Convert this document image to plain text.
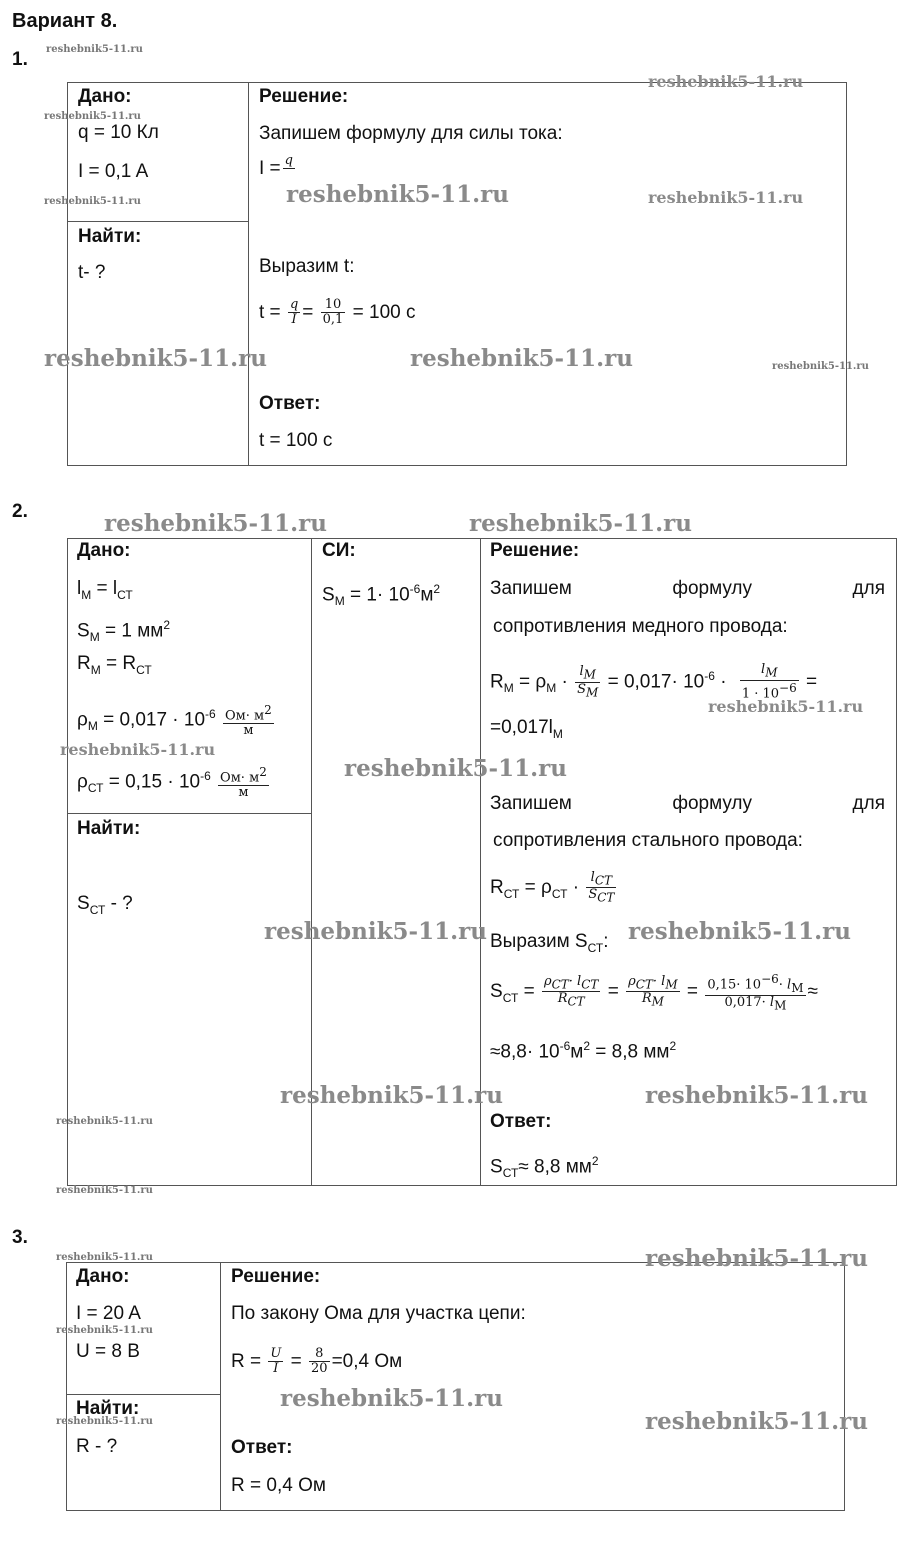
Вариант 8.
1.
Дано:
q = 10 Кл
I = 0,1 A
Найти:
t- ?
Решение:
Запишем формулу для силы тока:
I = q
Выразим t:
$t = \frac{q}{I} = \frac{10}{0,1} = 100$ с
Ответ:
t = 100 с
2.
Дано:
$l_М = l_{СТ}$
$S_М = 1$ $мм^2$
$R_М = R_{СТ}$
$\rho_М = 0,017 \cdot 10^{-6} \frac{Ом\cdot м^2}{м}$
$\rho_{СТ} = 0,15 \cdot 10^{-6} \frac{Ом\cdot м^2}{м}$
Найти:
$S_{СТ}$ - ?
СИ:
$S_М = 1\cdot 10^{-6}м^2$
Решение:
Запишем	формулу	для
сопротивления медного провода:
$R_М = \rho_М \cdot \frac{l_М}{S_М} = 0,017\cdot 10^{-6} \cdot \frac{l_М}{1 \cdot 10^{-6}}$ =
$=0,017l_М$
Запишем	формулу	для
сопротивления стального провода:
$R_{СТ} = \rho_{СТ} \cdot \frac{l_{СТ}}{S_{СТ}}$
Выразим $S_{СТ}$:
$S_{СТ} = \frac{\rho_{СТ}\cdot l_{СТ}}{R_{СТ}} = \frac{\rho_{СТ}\cdot l_М}{R_М} = \frac{0,15\cdot 10^{-6}\cdot l_М}{0,017\cdot l_М}$ ≈
$\approx 8,8\cdot 10^{-6}м^2 = 8,8$ $мм^2$
Ответ:
$S_{СТ}\approx 8,8$ $мм^2$
3.
Дано:
I = 20 A
U = 8 B
Найти:
R - ?
Решение:
По закону Ома для участка цепи:
$R = \frac{U}{I} = \frac{8}{20} =0,4$ Ом
Ответ:
R = 0,4 Ом
reshebnik5-11.ru
reshebnik5-11.ru
reshebnik5-11.ru
reshebnik5-11.ru
reshebnik5-11.ru	reshebnik5-11.ru
reshebnik5-11.ru	reshebnik5-11.ru	reshebnik5-11.ru
reshebnik5-11.ru	reshebnik5-11.ru
reshebnik5-11.ru
reshebnik5-11.ru
reshebnik5-11.ru
reshebnik5-11.ru	reshebnik5-11.ru
reshebnik5-11.ru	reshebnik5-11.ru
reshebnik5-11.ru
reshebnik5-11.ru
reshebnik5-11.ru
reshebnik5-11.ru
reshebnik5-11.ru
reshebnik5-11.ru
reshebnik5-11.ru
reshebnik5-11.ru
